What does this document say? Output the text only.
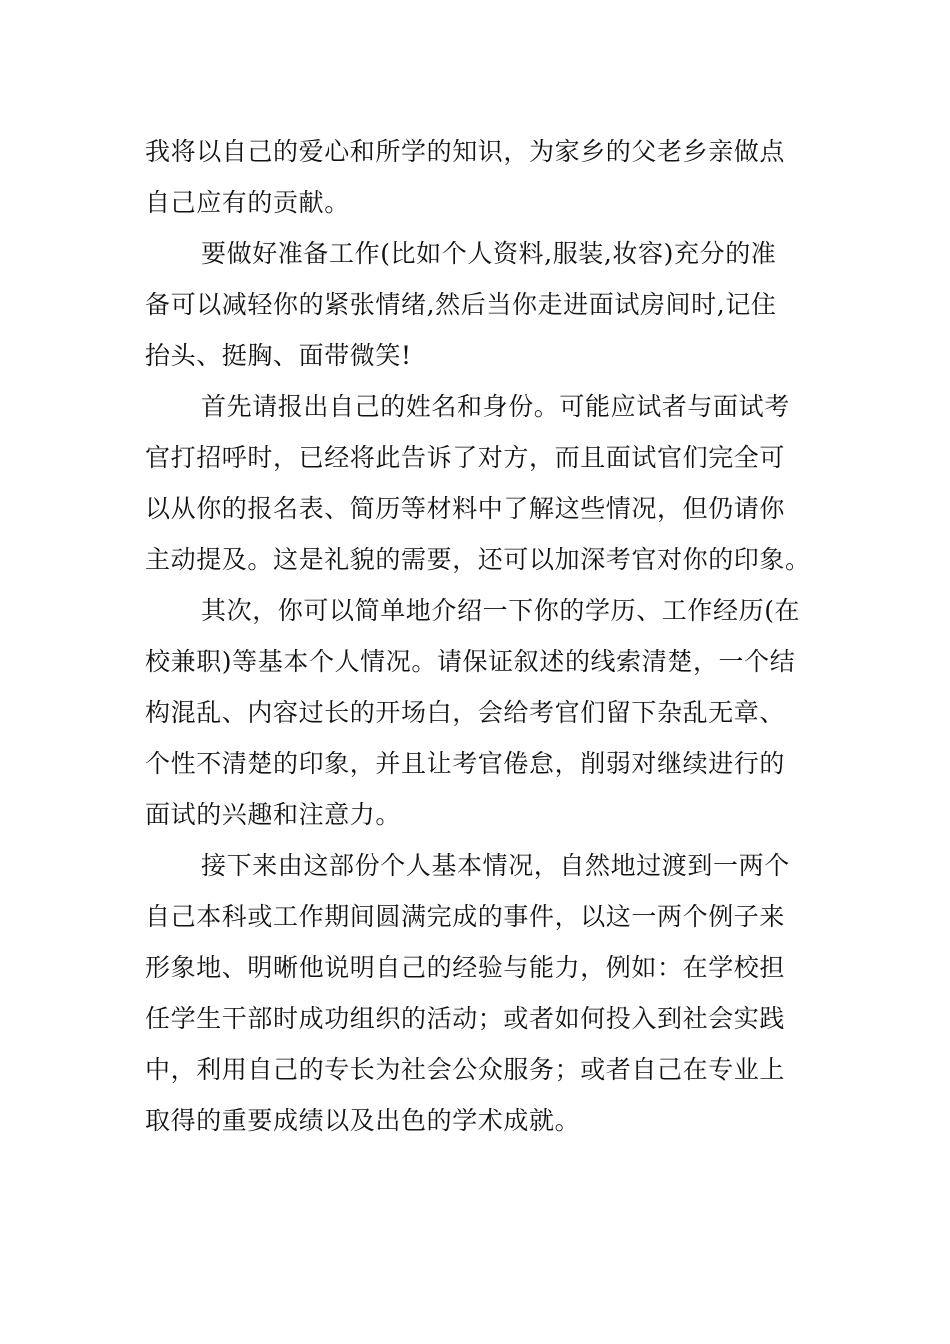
我将以自己的爱心和所学的知识，为家乡的父老乡亲做点
自己应有的贡献。
要做好准备工作(比如个人资料,服装,妆容)充分的准
备可以减轻你的紧张情绪,然后当你走进面试房间时,记住
抬头、挺胸、面带微笑!
首先请报出自己的姓名和身份。可能应试者与面试考
官打招呼时，已经将此告诉了对方，而且面试官们完全可
以从你的报名表、简历等材料中了解这些情况，但仍请你
主动提及。这是礼貌的需要，还可以加深考官对你的印象。
其次，你可以简单地介绍一下你的学历、工作经历(在
校兼职)等基本个人情况。请保证叙述的线索清楚，一个结
构混乱、内容过长的开场白，会给考官们留下杂乱无章、
个性不清楚的印象，并且让考官倦怠，削弱对继续进行的
面试的兴趣和注意力。
接下来由这部份个人基本情况，自然地过渡到一两个
自己本科或工作期间圆满完成的事件，以这一两个例子来
形象地、明晰他说明自己的经验与能力，例如：在学校担
任学生干部时成功组织的活动；或者如何投入到社会实践
中，利用自己的专长为社会公众服务；或者自己在专业上
取得的重要成绩以及出色的学术成就。
